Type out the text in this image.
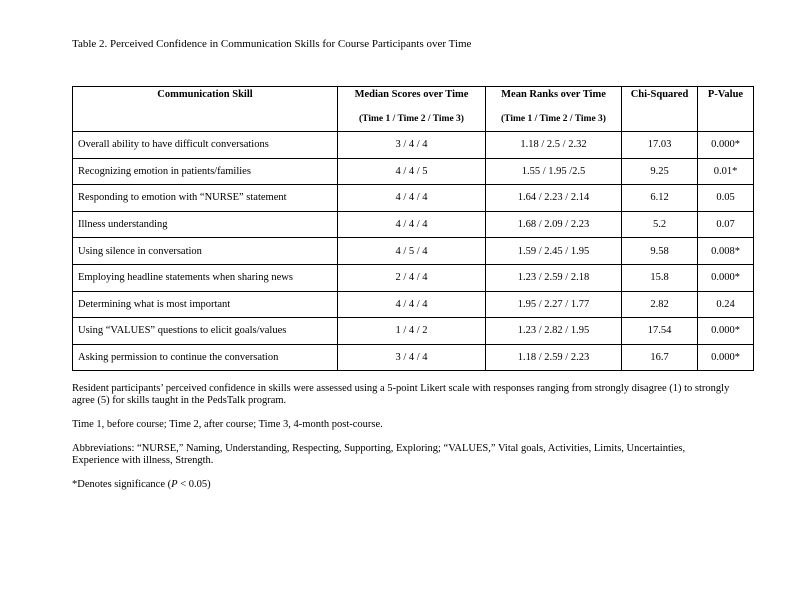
Table 2. Perceived Confidence in Communication Skills for Course Participants over Time
Communication Skill	Median Scores over Time	Mean Ranks over Time	Chi-Squared	P-Value
	(Time 1 / Time 2 / Time 3)	(Time 1 / Time 2 / Time 3)		
Overall ability to have difficult conversations	3 / 4 / 4	1.18 / 2.5 / 2.32	17.03	0.000*
Recognizing emotion in patients/families	4 / 4 / 5	1.55 / 1.95 /2.5	9.25	0.01*
Responding to emotion with “NURSE” statement	4 / 4 / 4	1.64 / 2.23 / 2.14	6.12	0.05
Illness understanding	4 / 4 / 4	1.68 / 2.09 / 2.23	5.2	0.07
Using silence in conversation	4 / 5 / 4	1.59 / 2.45 / 1.95	9.58	0.008*
Employing headline statements when sharing news	2 / 4 / 4	1.23 / 2.59 / 2.18	15.8	0.000*
Determining what is most important	4 / 4 / 4	1.95 / 2.27 / 1.77	2.82	0.24
Using “VALUES” questions to elicit goals/values	1 / 4 / 2	1.23 / 2.82 / 1.95	17.54	0.000*
Asking permission to continue the conversation	3 / 4 / 4	1.18 / 2.59 / 2.23	16.7	0.000*

Resident participants’ perceived confidence in skills were assessed using a 5-point Likert scale with responses ranging from strongly disagree (1) to strongly agree (5) for skills taught in the PedsTalk program.

Time 1, before course; Time 2, after course; Time 3, 4-month post-course.

Abbreviations: “NURSE,” Naming, Understanding, Respecting, Supporting, Exploring; “VALUES,” Vital goals, Activities, Limits, Uncertainties, Experience with illness, Strength.

*Denotes significance (P < 0.05)
